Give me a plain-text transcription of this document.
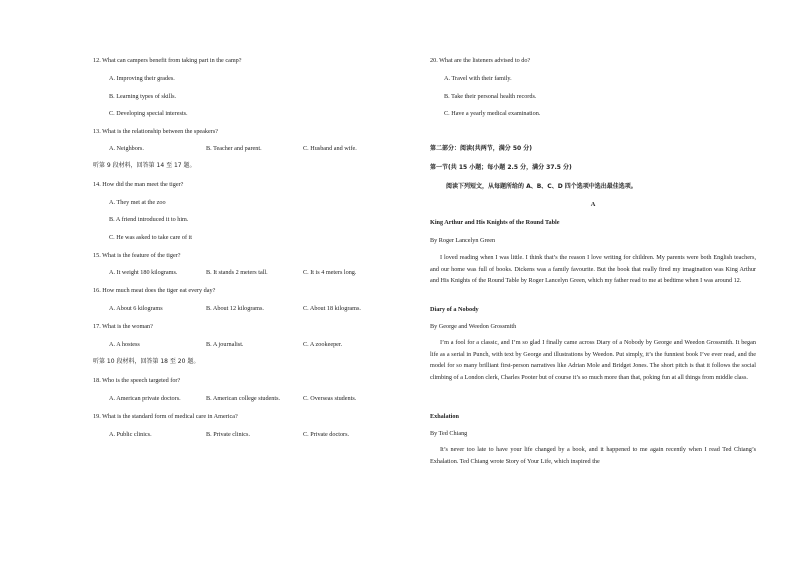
12. What can campers benefit from taking part in the camp?
A. Improving their grades.
B. Learning types of skills.
C. Developing special interests.
13. What is the relationship between the speakers?
A. Neighbors.	B. Teacher and parent.	C. Husband and wife.
听第 9 段材料，回答第 14 至 17 题。
14. How did the man meet the tiger?
A. They met at the zoo
B. A friend introduced it to him.
C. He was asked to take care of it
15. What is the feature of the tiger?
A. It weight 180 kilograms.	B. It stands 2 meters tall.	C. It is 4 meters long.
16. How much meat does the tiger eat every day?
A. About 6 kilograms	B. About 12 kilograms.	C. About 18 kilograms.
17. What is the woman?
A. A hostess	B. A journalist.	C. A zookeeper.
听第 10 段材料，回答第 18 至 20 题。
18. Who is the speech targeted for?
A. American private doctors.	B. American college students.	C. Overseas students.
19. What is the standard form of medical care in America?
A. Public clinics.	B. Private clinics.	C. Private doctors.
20. What are the listeners advised to do?
A. Travel with their family.
B. Take their personal health records.
C. Have a yearly medical examination.
第二部分：阅读(共两节，满分 50 分)
第一节(共 15 小题；每小题 2.5 分，满分 37.5 分)
阅读下列短文，从每题所给的 A、B、C、D 四个选项中选出最佳选项。
A
King Arthur and His Knights of the Round Table
By Roger Lancelyn Green
I loved reading when I was little. I think that’s the reason I love writing for children. My parents were both English teachers, and our home was full of books. Dickens was a family favourite. But the book that really fired my imagination was King Arthur and His Knights of the Round Table by Roger Lancelyn Green, which my father read to me at bedtime when I was around 12.
Diary of a Nobody
By George and Weedon Grossmith
I’m a fool for a classic, and I’m so glad I finally came across Diary of a Nobody by George and Weedon Grossmith. It began life as a serial in Punch, with text by George and illustrations by Weedon. Put simply, it’s the funniest book I’ve ever read, and the model for so many brilliant first-person narratives like Adrian Mole and Bridget Jones. The short pitch is that it follows the social climbing of a London clerk, Charles Pooter but of course it’s so much more than that, poking fun at all things from middle class.
Exhalation
By Ted Chiang
It’s never too late to have your life changed by a book, and it happened to me again recently when I read Ted Chiang’s Exhalation. Ted Chiang wrote Story of Your Life, which inspired the
